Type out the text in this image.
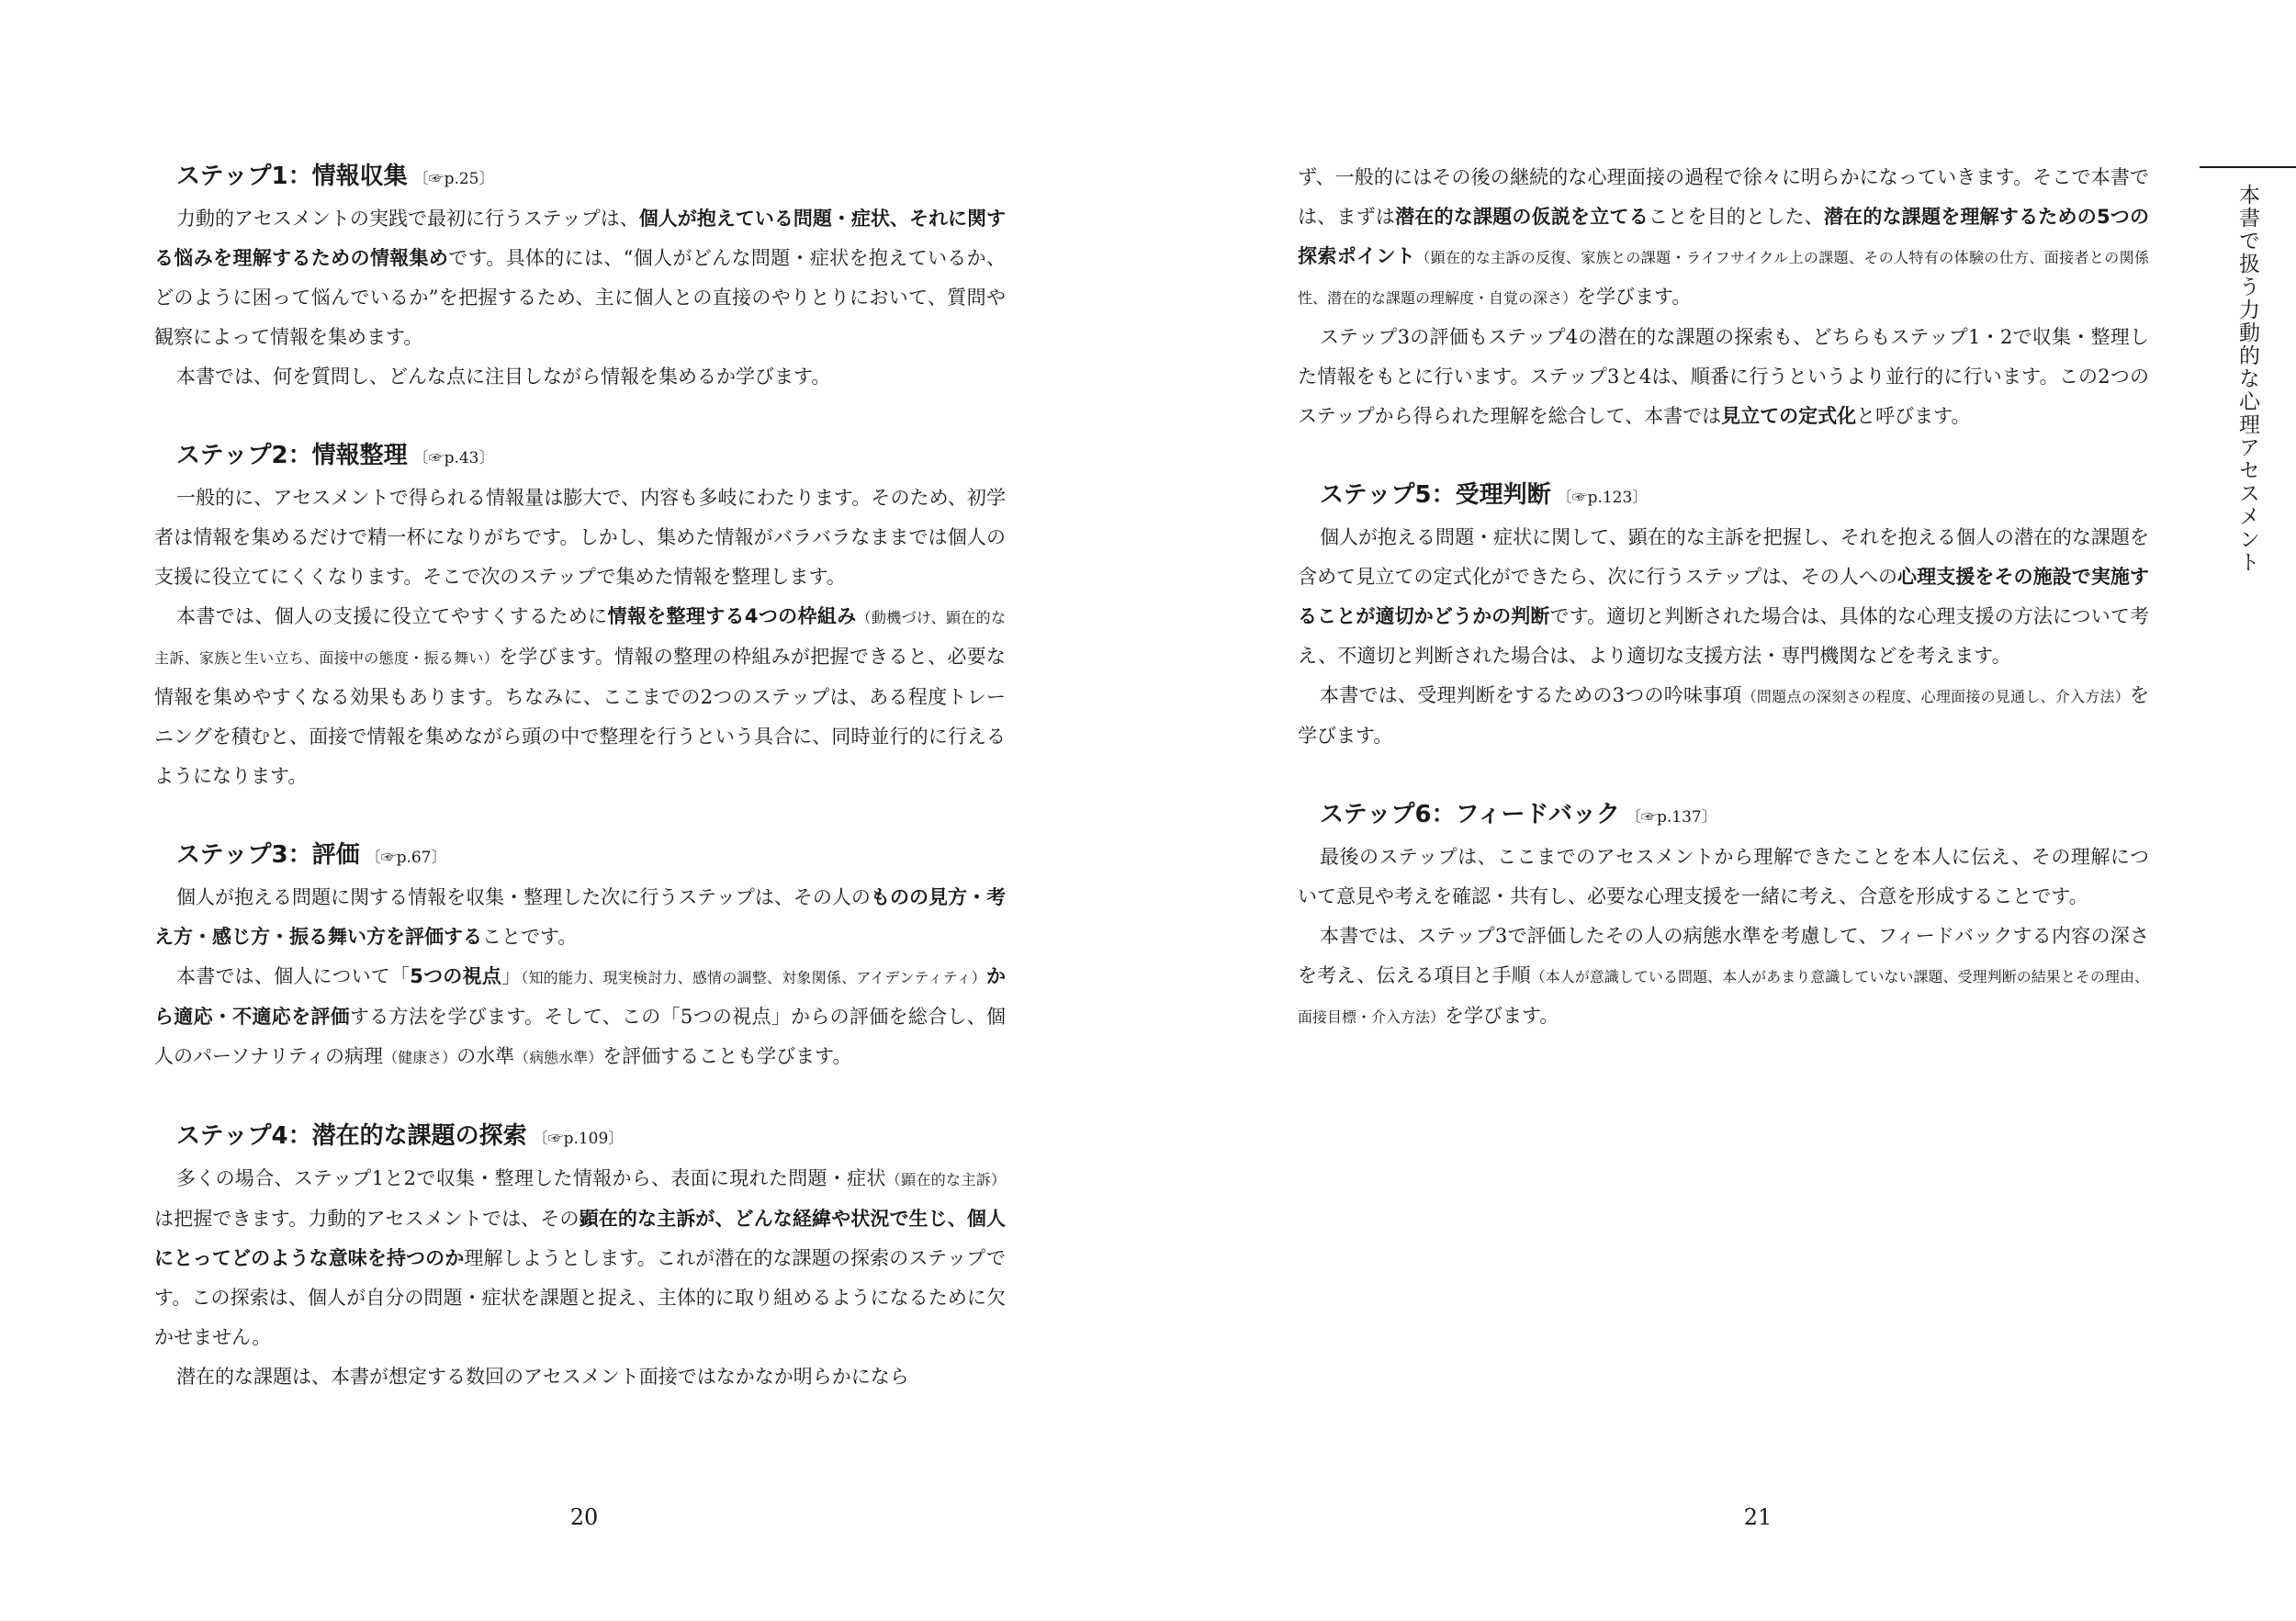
ステップ1：情報収集 〔☞p.25〕

力動的アセスメントの実践で最初に行うステップは、個人が抱えている問題・症状、それに関する悩みを理解するための情報集めです。具体的には、“個人がどんな問題・症状を抱えているか、どのように困って悩んでいるか”を把握するため、主に個人との直接のやりとりにおいて、質問や観察によって情報を集めます。

本書では、何を質問し、どんな点に注目しながら情報を集めるか学びます。

ステップ2：情報整理 〔☞p.43〕

一般的に、アセスメントで得られる情報量は膨大で、内容も多岐にわたります。そのため、初学者は情報を集めるだけで精一杯になりがちです。しかし、集めた情報がバラバラなままでは個人の支援に役立てにくくなります。そこで次のステップで集めた情報を整理します。

本書では、個人の支援に役立てやすくするために情報を整理する4つの枠組み（動機づけ、顕在的な主訴、家族と生い立ち、面接中の態度・振る舞い）を学びます。情報の整理の枠組みが把握できると、必要な情報を集めやすくなる効果もあります。ちなみに、ここまでの2つのステップは、ある程度トレーニングを積むと、面接で情報を集めながら頭の中で整理を行うという具合に、同時並行的に行えるようになります。

ステップ3：評価 〔☞p.67〕

個人が抱える問題に関する情報を収集・整理した次に行うステップは、その人のものの見方・考え方・感じ方・振る舞い方を評価することです。

本書では、個人について「5つの視点」（知的能力、現実検討力、感情の調整、対象関係、アイデンティティ）から適応・不適応を評価する方法を学びます。そして、この「5つの視点」からの評価を総合し、個人のパーソナリティの病理（健康さ）の水準（病態水準）を評価することも学びます。

ステップ4：潜在的な課題の探索 〔☞p.109〕

多くの場合、ステップ1と2で収集・整理した情報から、表面に現れた問題・症状（顕在的な主訴）は把握できます。力動的アセスメントでは、その顕在的な主訴が、どんな経緯や状況で生じ、個人にとってどのような意味を持つのか理解しようとします。これが潜在的な課題の探索のステップです。この探索は、個人が自分の問題・症状を課題と捉え、主体的に取り組めるようになるために欠かせません。

潜在的な課題は、本書が想定する数回のアセスメント面接ではなかなか明らかになら

20

ず、一般的にはその後の継続的な心理面接の過程で徐々に明らかになっていきます。そこで本書では、まずは潜在的な課題の仮説を立てることを目的とした、潜在的な課題を理解するための5つの探索ポイント（顕在的な主訴の反復、家族との課題・ライフサイクル上の課題、その人特有の体験の仕方、面接者との関係性、潜在的な課題の理解度・自覚の深さ）を学びます。

ステップ3の評価もステップ4の潜在的な課題の探索も、どちらもステップ1・2で収集・整理した情報をもとに行います。ステップ3と4は、順番に行うというより並行的に行います。この2つのステップから得られた理解を総合して、本書では見立ての定式化と呼びます。

ステップ5：受理判断 〔☞p.123〕

個人が抱える問題・症状に関して、顕在的な主訴を把握し、それを抱える個人の潜在的な課題を含めて見立ての定式化ができたら、次に行うステップは、その人への心理支援をその施設で実施することが適切かどうかの判断です。適切と判断された場合は、具体的な心理支援の方法について考え、不適切と判断された場合は、より適切な支援方法・専門機関などを考えます。

本書では、受理判断をするための3つの吟味事項（問題点の深刻さの程度、心理面接の見通し、介入方法）を学びます。

ステップ6：フィードバック 〔☞p.137〕

最後のステップは、ここまでのアセスメントから理解できたことを本人に伝え、その理解について意見や考えを確認・共有し、必要な心理支援を一緒に考え、合意を形成することです。

本書では、ステップ3で評価したその人の病態水準を考慮して、フィードバックする内容の深さを考え、伝える項目と手順（本人が意識している問題、本人があまり意識していない課題、受理判断の結果とその理由、面接目標・介入方法）を学びます。

21
本書で扱う力動的な心理アセスメント
